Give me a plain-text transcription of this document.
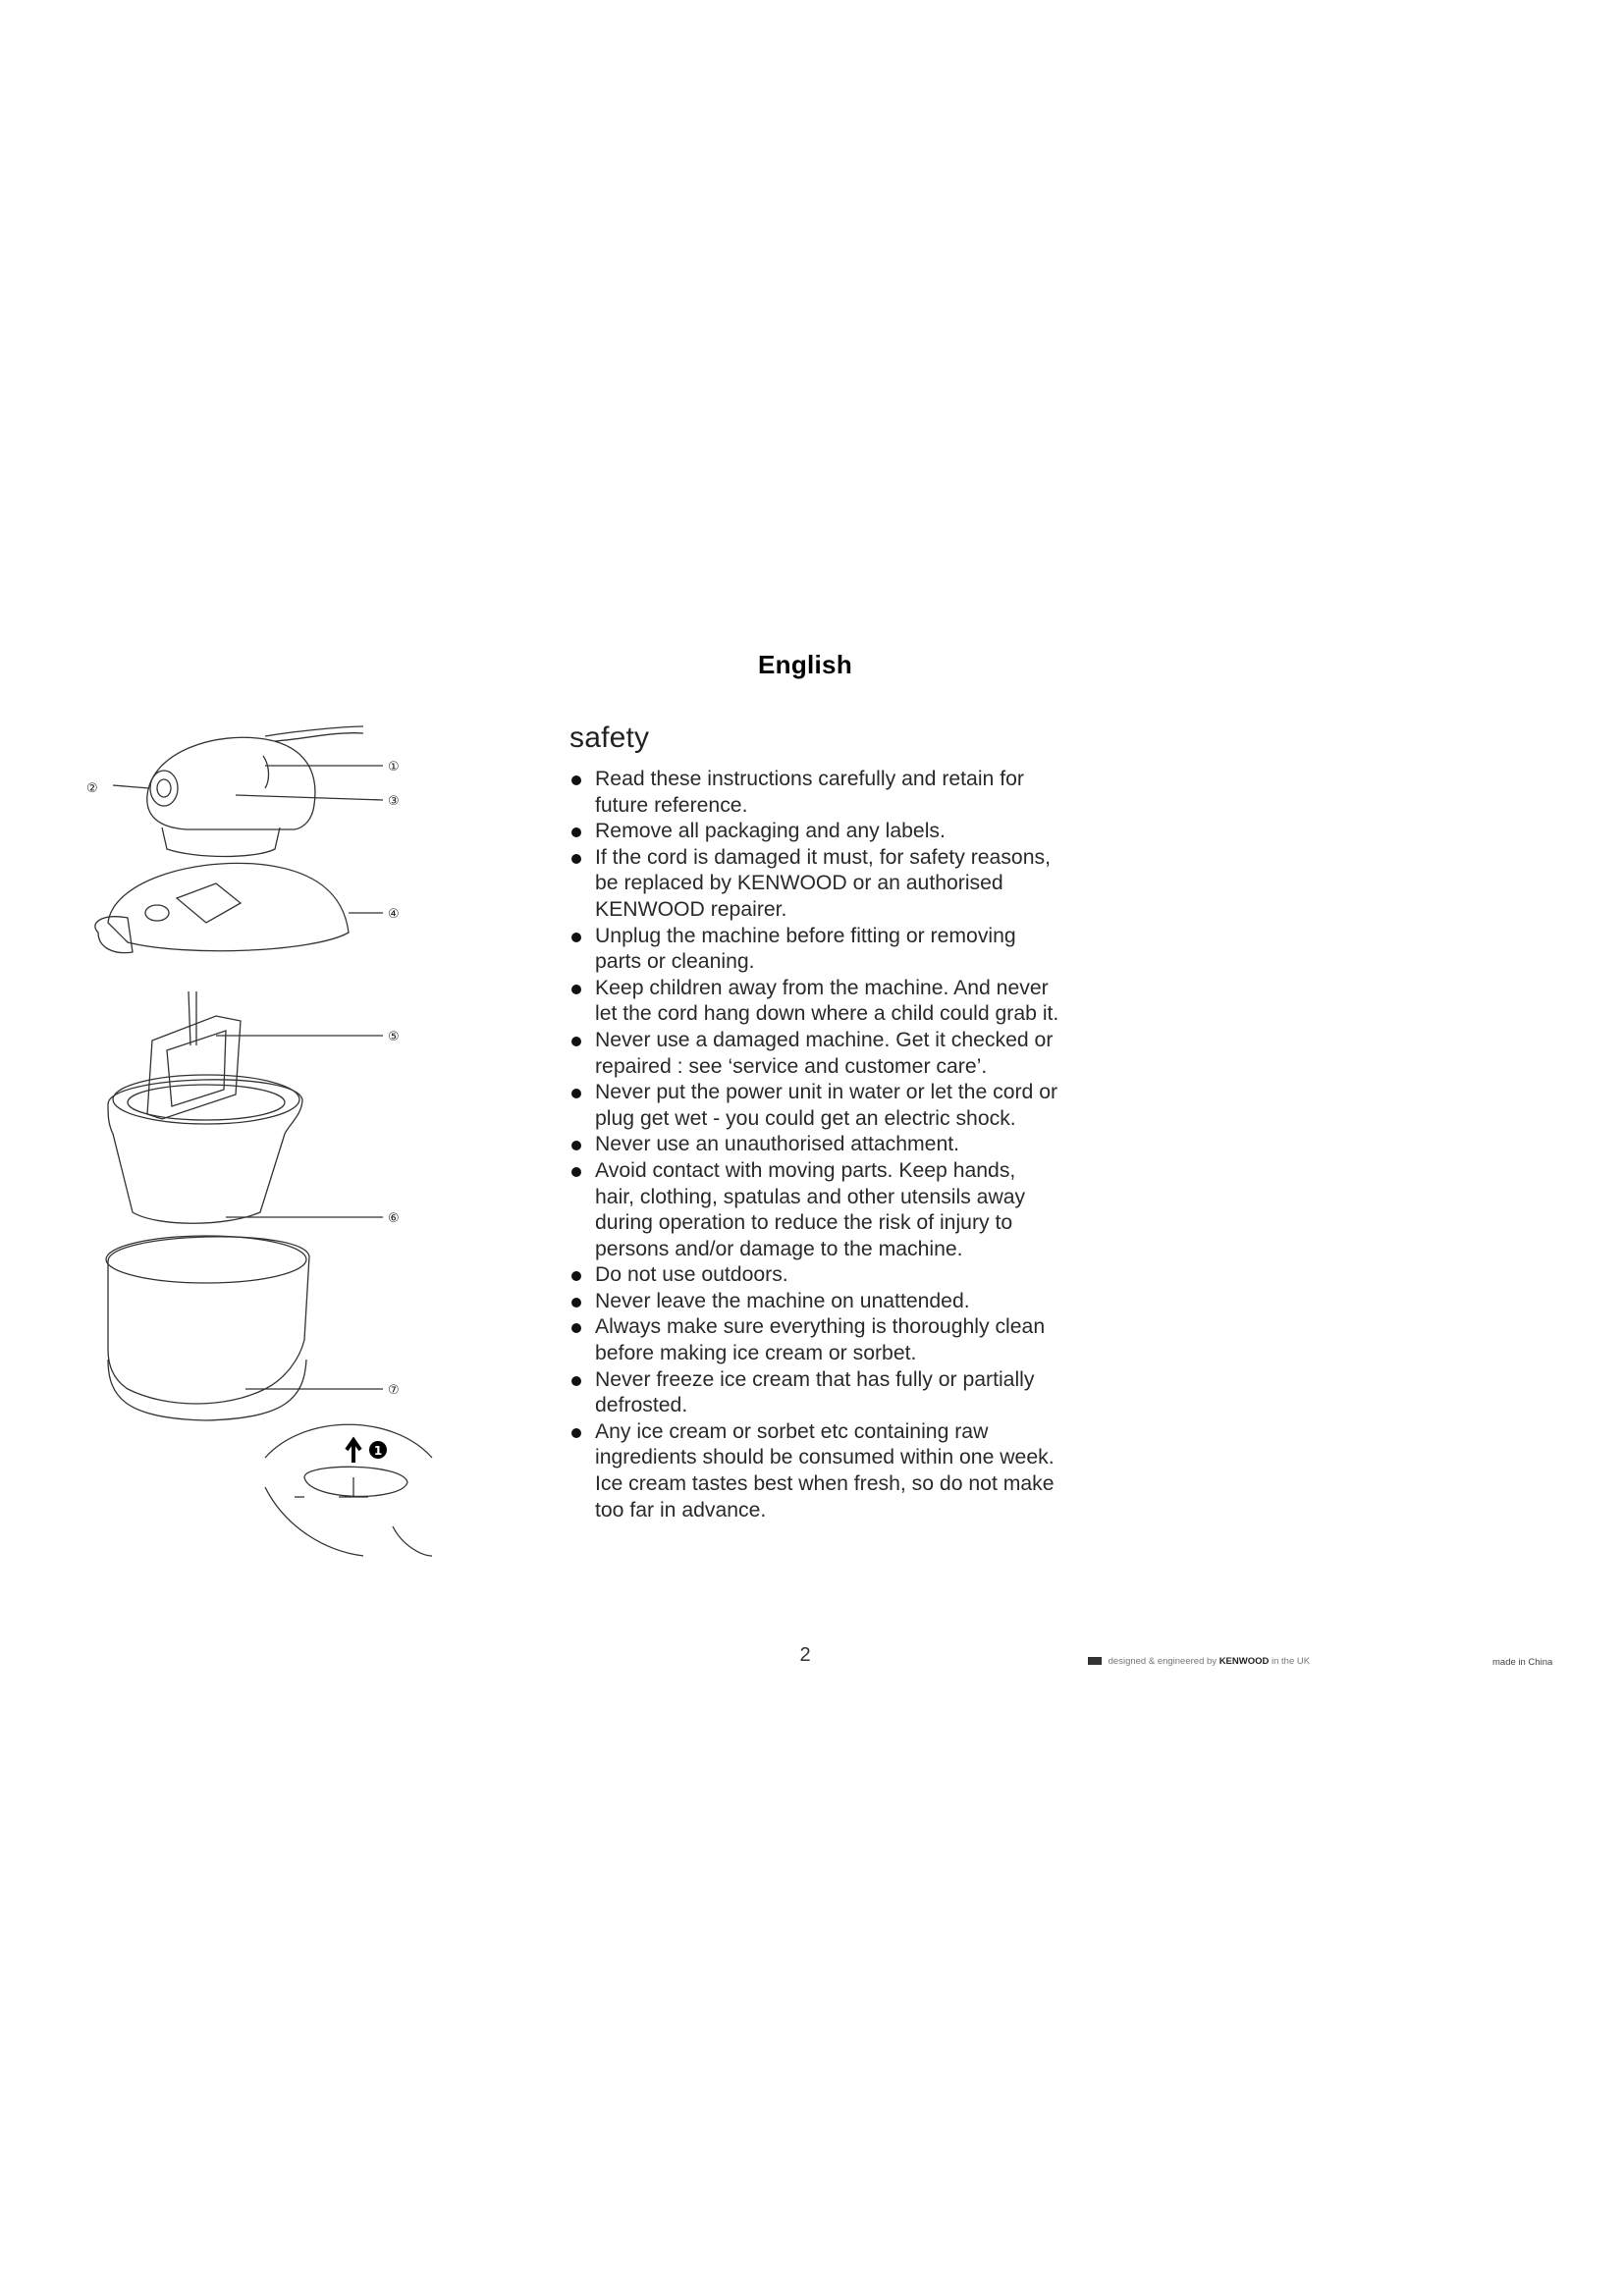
English
1
①
②
③
④
⑤
⑥
⑦
safety
Read these instructions carefully and retain for future reference.
Remove all packaging and any labels.
If the cord is damaged it must, for safety reasons, be replaced by KENWOOD or an authorised KENWOOD repairer.
Unplug the machine before fitting or removing parts or cleaning.
Keep children away from the machine. And never let the cord hang down where a child could grab it.
Never use a damaged machine. Get it checked or repaired : see ‘service and customer care’.
Never put the power unit in water or let the cord or plug get wet - you could get an electric shock.
Never use an unauthorised attachment.
Avoid contact with moving parts. Keep hands, hair, clothing, spatulas and other utensils away during operation to reduce the risk of injury to persons and/or damage to the machine.
Do not use outdoors.
Never leave the machine on unattended.
Always make sure everything is thoroughly clean before making ice cream or sorbet.
Never freeze ice cream that has fully or partially defrosted.
Any ice cream or sorbet etc containing raw ingredients should be consumed within one week. Ice cream tastes best when fresh, so do not make too far in advance.
2	designed & engineered by KENWOOD in the UK	made in China
